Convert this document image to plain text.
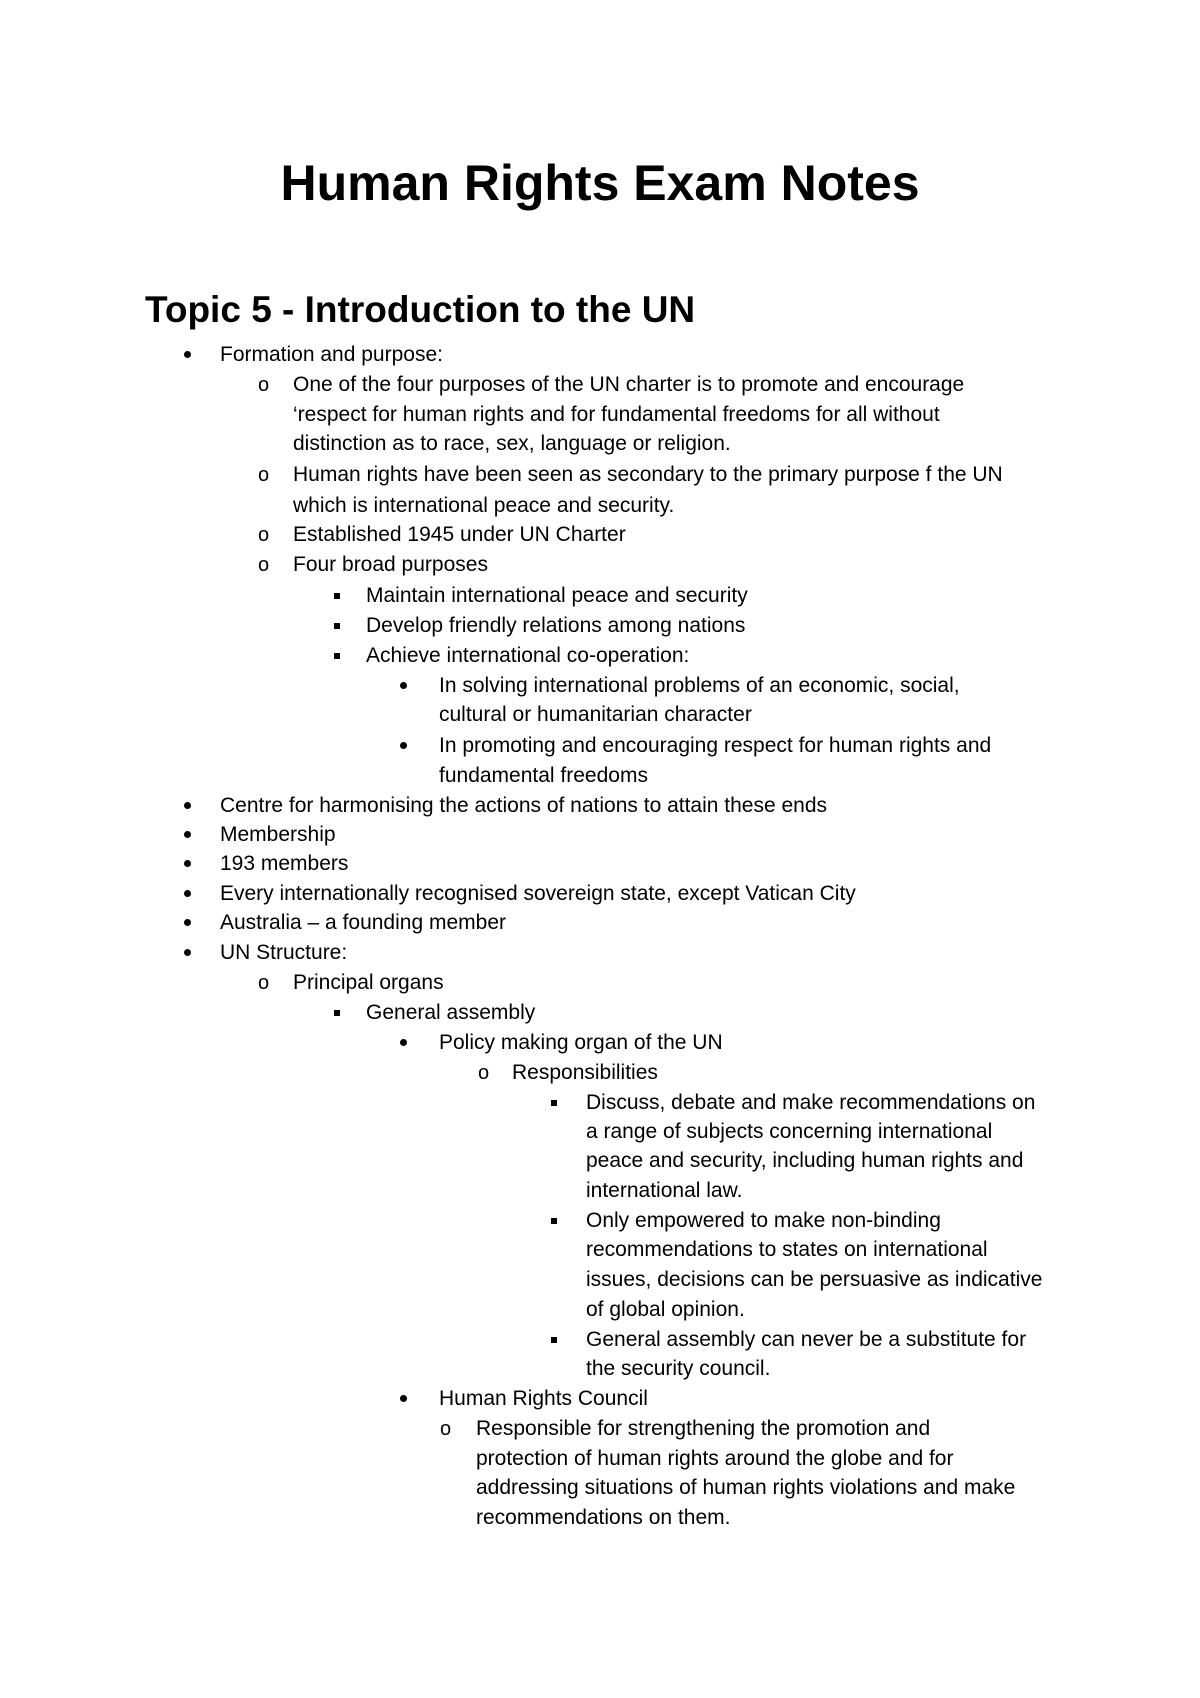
Human Rights Exam Notes
Topic 5 - Introduction to the UN
Formation and purpose:
o One of the four purposes of the UN charter is to promote and encourage
‘respect for human rights and for fundamental freedoms for all without
distinction as to race, sex, language or religion.
o Human rights have been seen as secondary to the primary purpose f the UN
which is international peace and security.
o Established 1945 under UN Charter
o Four broad purposes
Maintain international peace and security
Develop friendly relations among nations
Achieve international co-operation:
In solving international problems of an economic, social,
cultural or humanitarian character
In promoting and encouraging respect for human rights and
fundamental freedoms
Centre for harmonising the actions of nations to attain these ends
Membership
193 members
Every internationally recognised sovereign state, except Vatican City
Australia – a founding member
UN Structure:
o Principal organs
General assembly
Policy making organ of the UN
o Responsibilities
Discuss, debate and make recommendations on
a range of subjects concerning international
peace and security, including human rights and
international law.
Only empowered to make non-binding
recommendations to states on international
issues, decisions can be persuasive as indicative
of global opinion.
General assembly can never be a substitute for
the security council.
Human Rights Council
o Responsible for strengthening the promotion and
protection of human rights around the globe and for
addressing situations of human rights violations and make
recommendations on them.
